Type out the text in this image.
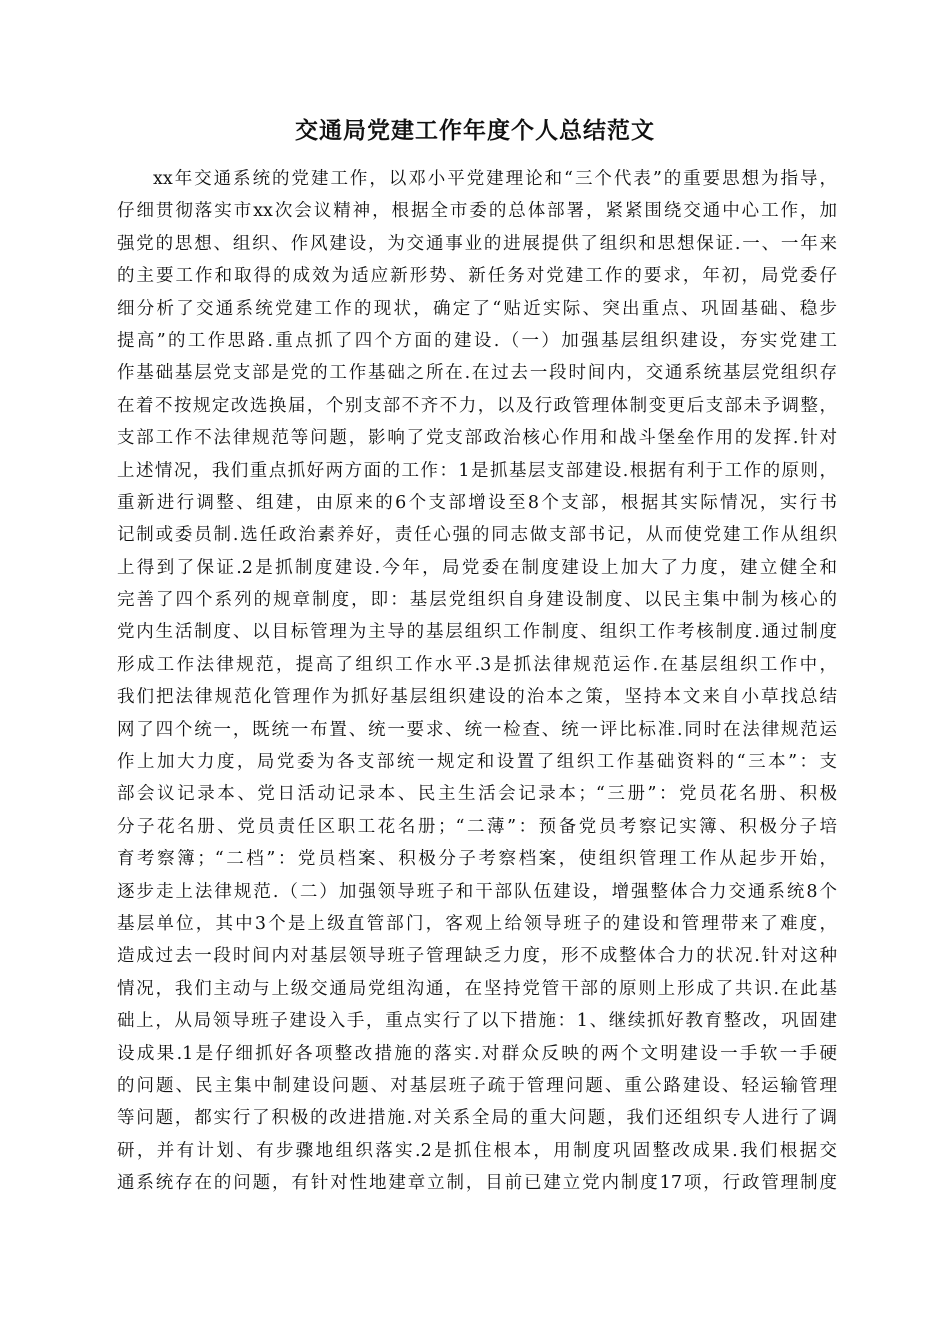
交通局党建工作年度个人总结范文
xx年交通系统的党建工作，以邓小平党建理论和“三个代表”的重要思想为指导，
仔细贯彻落实市xx次会议精神，根据全市委的总体部署，紧紧围绕交通中心工作，加
强党的思想、组织、作风建设，为交通事业的进展提供了组织和思想保证.一、一年来
的主要工作和取得的成效为适应新形势、新任务对党建工作的要求，年初，局党委仔
细分析了交通系统党建工作的现状，确定了“贴近实际、突出重点、巩固基础、稳步
提高”的工作思路.重点抓了四个方面的建设.（一）加强基层组织建设，夯实党建工
作基础基层党支部是党的工作基础之所在.在过去一段时间内，交通系统基层党组织存
在着不按规定改选换届，个别支部不齐不力，以及行政管理体制变更后支部未予调整，
支部工作不法律规范等问题，影响了党支部政治核心作用和战斗堡垒作用的发挥.针对
上述情况，我们重点抓好两方面的工作：1是抓基层支部建设.根据有利于工作的原则，
重新进行调整、组建，由原来的6个支部增设至8个支部，根据其实际情况，实行书
记制或委员制.选任政治素养好，责任心强的同志做支部书记，从而使党建工作从组织
上得到了保证.2是抓制度建设.今年，局党委在制度建设上加大了力度，建立健全和
完善了四个系列的规章制度，即：基层党组织自身建设制度、以民主集中制为核心的
党内生活制度、以目标管理为主导的基层组织工作制度、组织工作考核制度.通过制度
形成工作法律规范，提高了组织工作水平.3是抓法律规范运作.在基层组织工作中，
我们把法律规范化管理作为抓好基层组织建设的治本之策，坚持本文来自小草找总结
网了四个统一，既统一布置、统一要求、统一检查、统一评比标准.同时在法律规范运
作上加大力度，局党委为各支部统一规定和设置了组织工作基础资料的“三本”：支
部会议记录本、党日活动记录本、民主生活会记录本；“三册”：党员花名册、积极
分子花名册、党员责任区职工花名册；“二薄”：预备党员考察记实簿、积极分子培
育考察簿；“二档”：党员档案、积极分子考察档案，使组织管理工作从起步开始，
逐步走上法律规范.（二）加强领导班子和干部队伍建设，增强整体合力交通系统8个
基层单位，其中3个是上级直管部门，客观上给领导班子的建设和管理带来了难度，
造成过去一段时间内对基层领导班子管理缺乏力度，形不成整体合力的状况.针对这种
情况，我们主动与上级交通局党组沟通，在坚持党管干部的原则上形成了共识.在此基
础上，从局领导班子建设入手，重点实行了以下措施：1、继续抓好教育整改，巩固建
设成果.1是仔细抓好各项整改措施的落实.对群众反映的两个文明建设一手软一手硬
的问题、民主集中制建设问题、对基层班子疏于管理问题、重公路建设、轻运输管理
等问题，都实行了积极的改进措施.对关系全局的重大问题，我们还组织专人进行了调
研，并有计划、有步骤地组织落实.2是抓住根本，用制度巩固整改成果.我们根据交
通系统存在的问题，有针对性地建章立制，目前已建立党内制度17项，行政管理制度
